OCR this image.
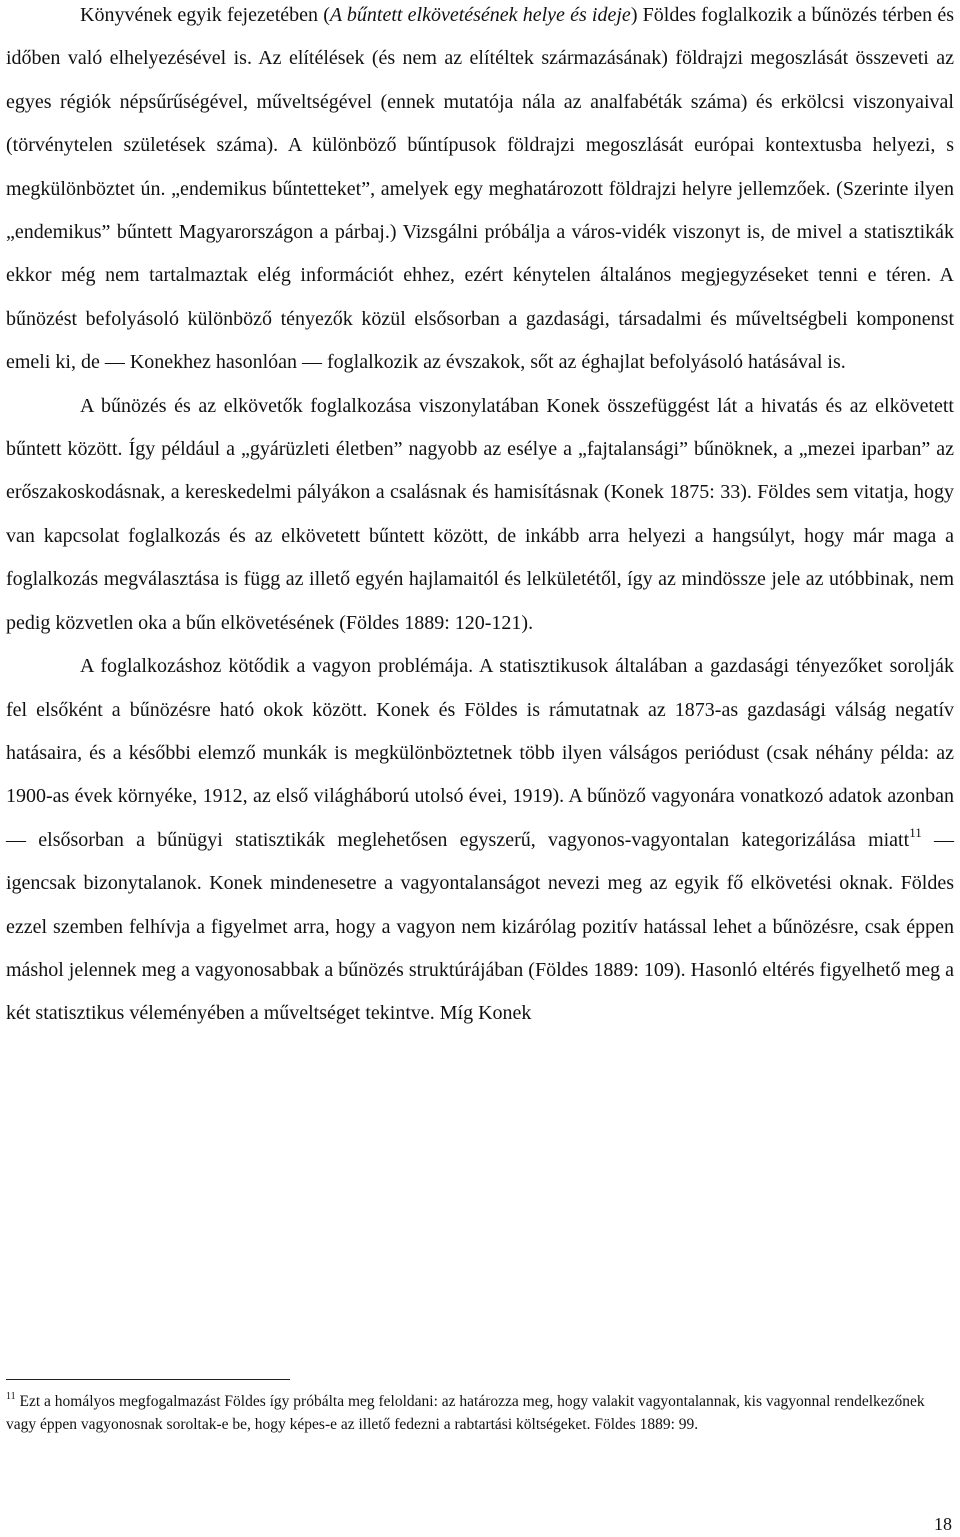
Könyvének egyik fejezetében (A bűntett elkövetésének helye és ideje) Földes foglalkozik a bűnözés térben és időben való elhelyezésével is. Az elítélések (és nem az elítéltek származásának) földrajzi megoszlását összeveti az egyes régiók népsűrűségével, műveltségével (ennek mutatója nála az analfabéták száma) és erkölcsi viszonyaival (törvénytelen születések száma). A különböző bűntípusok földrajzi megoszlását európai kontextusba helyezi, s megkülönböztet ún. „endemikus bűntetteket”, amelyek egy meghatározott földrajzi helyre jellemzőek. (Szerinte ilyen „endemikus” bűntett Magyarországon a párbaj.) Vizsgálni próbálja a város-vidék viszonyt is, de mivel a statisztikák ekkor még nem tartalmaztak elég információt ehhez, ezért kénytelen általános megjegyzéseket tenni e téren. A bűnözést befolyásoló különböző tényezők közül elsősorban a gazdasági, társadalmi és műveltségbeli komponenst emeli ki, de — Konekhez hasonlóan — foglalkozik az évszakok, sőt az éghajlat befolyásoló hatásával is.

A bűnözés és az elkövetők foglalkozása viszonylatában Konek összefüggést lát a hivatás és az elkövetett bűntett között. Így például a „gyárüzleti életben” nagyobb az esélye a „fajtalansági” bűnöknek, a „mezei iparban” az erőszakoskodásnak, a kereskedelmi pályákon a csalásnak és hamisításnak (Konek 1875: 33). Földes sem vitatja, hogy van kapcsolat foglalkozás és az elkövetett bűntett között, de inkább arra helyezi a hangsúlyt, hogy már maga a foglalkozás megválasztása is függ az illető egyén hajlamaitól és lelkületétől, így az mindössze jele az utóbbinak, nem pedig közvetlen oka a bűn elkövetésének (Földes 1889: 120-121).

A foglalkozáshoz kötődik a vagyon problémája. A statisztikusok általában a gazdasági tényezőket sorolják fel elsőként a bűnözésre ható okok között. Konek és Földes is rámutatnak az 1873-as gazdasági válság negatív hatásaira, és a későbbi elemző munkák is megkülönböztetnek több ilyen válságos periódust (csak néhány példa: az 1900-as évek környéke, 1912, az első világháború utolsó évei, 1919). A bűnöző vagyonára vonatkozó adatok azonban — elsősorban a bűnügyi statisztikák meglehetősen egyszerű, vagyonos-vagyontalan kategorizálása miatt$^{11}$ — igencsak bizonytalanok. Konek mindenesetre a vagyontalanságot nevezi meg az egyik fő elkövetési oknak. Földes ezzel szemben felhívja a figyelmet arra, hogy a vagyon nem kizárólag pozitív hatással lehet a bűnözésre, csak éppen máshol jelennek meg a vagyonosabbak a bűnözés struktúrájában (Földes 1889: 109). Hasonló eltérés figyelhető meg a két statisztikus véleményében a műveltséget tekintve. Míg Konek

$^{11}$ Ezt a homályos megfogalmazást Földes így próbálta meg feloldani: az határozza meg, hogy valakit vagyontalannak, kis vagyonnal rendelkezőnek vagy éppen vagyonosnak soroltak-e be, hogy képes-e az illető fedezni a rabtartási költségeket. Földes 1889: 99.
18
